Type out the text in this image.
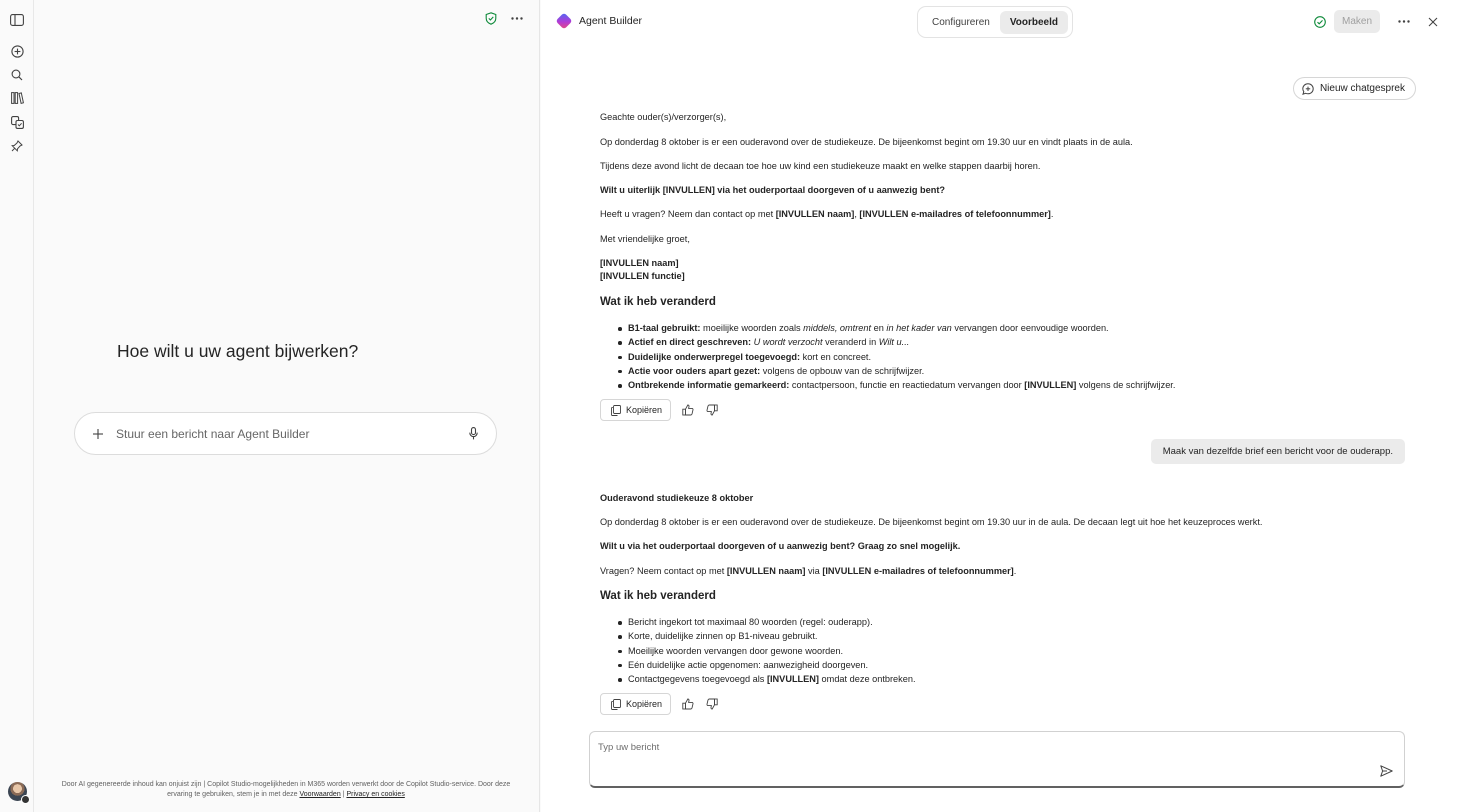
Hoe wilt u uw agent bijwerken?
Stuur een bericht naar Agent Builder
Door AI gegenereerde inhoud kan onjuist zijn | Copilot Studio-mogelijkheden in M365 worden verwerkt door de Copilot Studio-service. Door deze ervaring te gebruiken, stem je in met deze Voorwaarden | Privacy en cookies
Agent Builder	Configureren	Voorbeeld	Maken
Nieuw chatgesprek
Geachte ouder(s)/verzorger(s),
Op donderdag 8 oktober is er een ouderavond over de studiekeuze. De bijeenkomst begint om 19.30 uur en vindt plaats in de aula.
Tijdens deze avond licht de decaan toe hoe uw kind een studiekeuze maakt en welke stappen daarbij horen.
Wilt u uiterlijk [INVULLEN] via het ouderportaal doorgeven of u aanwezig bent?
Heeft u vragen? Neem dan contact op met [INVULLEN naam], [INVULLEN e-mailadres of telefoonnummer].
Met vriendelijke groet,
[INVULLEN naam]
[INVULLEN functie]
Wat ik heb veranderd
B1-taal gebruikt: moeilijke woorden zoals middels, omtrent en in het kader van vervangen door eenvoudige woorden.
Actief en direct geschreven: U wordt verzocht veranderd in Wilt u...
Duidelijke onderwerpregel toegevoegd: kort en concreet.
Actie voor ouders apart gezet: volgens de opbouw van de schrijfwijzer.
Ontbrekende informatie gemarkeerd: contactpersoon, functie en reactiedatum vervangen door [INVULLEN] volgens de schrijfwijzer.
Kopiëren
Maak van dezelfde brief een bericht voor de ouderapp.
Ouderavond studiekeuze 8 oktober
Op donderdag 8 oktober is er een ouderavond over de studiekeuze. De bijeenkomst begint om 19.30 uur in de aula. De decaan legt uit hoe het keuzeproces werkt.
Wilt u via het ouderportaal doorgeven of u aanwezig bent? Graag zo snel mogelijk.
Vragen? Neem contact op met [INVULLEN naam] via [INVULLEN e-mailadres of telefoonnummer].
Wat ik heb veranderd
Bericht ingekort tot maximaal 80 woorden (regel: ouderapp).
Korte, duidelijke zinnen op B1-niveau gebruikt.
Moeilijke woorden vervangen door gewone woorden.
Eén duidelijke actie opgenomen: aanwezigheid doorgeven.
Contactgegevens toegevoegd als [INVULLEN] omdat deze ontbreken.
Kopiëren
Typ uw bericht
